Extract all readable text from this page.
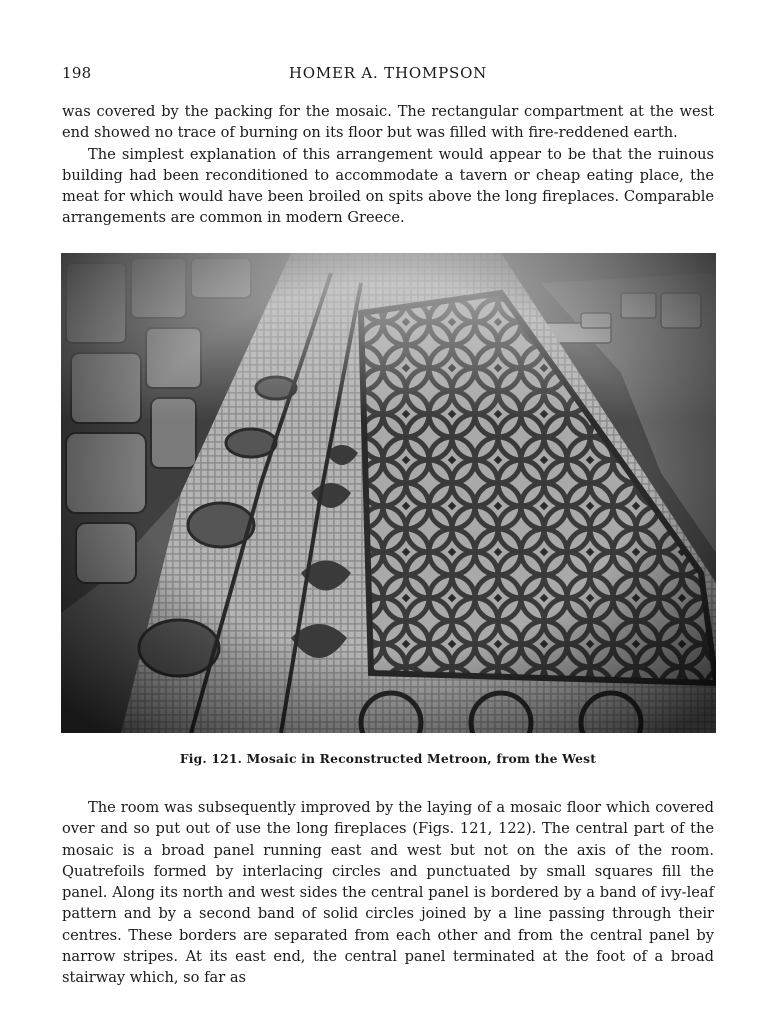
198	HOMER A. THOMPSON

was covered by the packing for the mosaic. The rectangular compartment at the west end showed no trace of burning on its floor but was filled with fire-reddened earth.

The simplest explanation of this arrangement would appear to be that the ruinous building had been reconditioned to accommodate a tavern or cheap eating place, the meat for which would have been broiled on spits above the long fireplaces. Comparable arrangements are common in modern Greece.

Fig. 121. Mosaic in Reconstructed Metroon, from the West

The room was subsequently improved by the laying of a mosaic floor which covered over and so put out of use the long fireplaces (Figs. 121, 122). The central part of the mosaic is a broad panel running east and west but not on the axis of the room. Quatrefoils formed by interlacing circles and punctuated by small squares fill the panel. Along its north and west sides the central panel is bordered by a band of ivy-leaf pattern and by a second band of solid circles joined by a line passing through their centres. These borders are separated from each other and from the central panel by narrow stripes. At its east end, the central panel terminated at the foot of a broad stairway which, so far as
